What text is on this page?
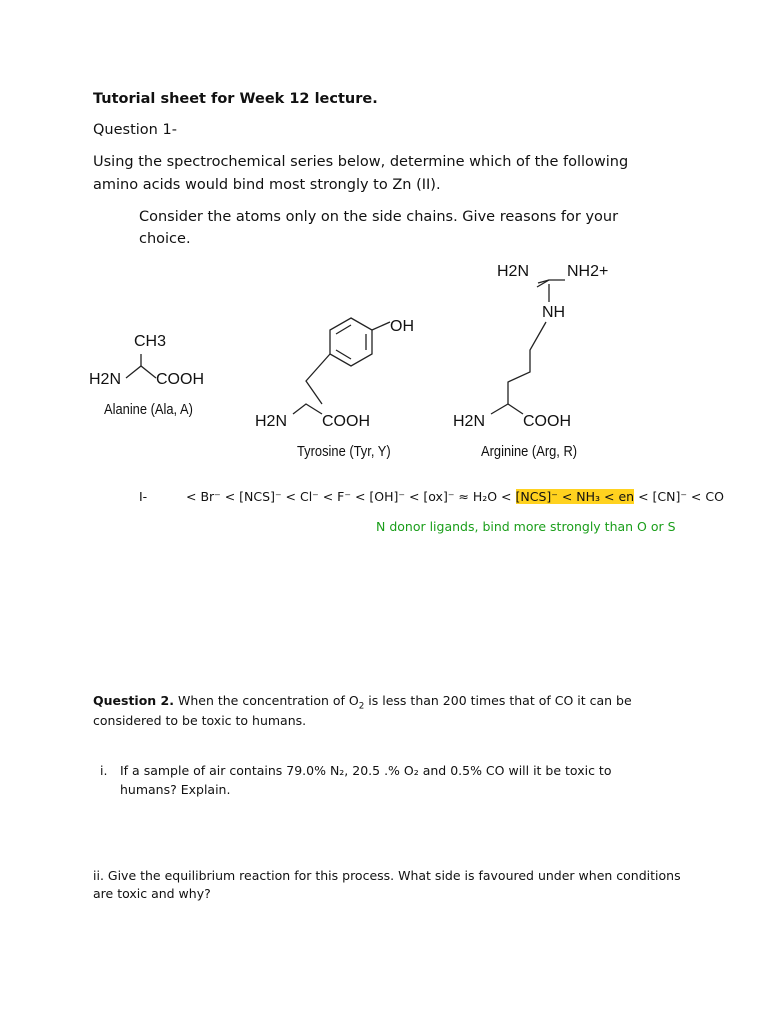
Tutorial sheet for Week 12 lecture.
Question 1-
Using the spectrochemical series below, determine which of the following
amino acids would bind most strongly to Zn (II).
Consider the atoms only on the side chains. Give reasons for your
choice.
CH3
H2N COOH
Alanine (Ala, A)
OH
H2N COOH
Tyrosine (Tyr, Y)
H2N NH2+
NH
H2N COOH
Arginine (Arg, R)
I-	< Br⁻ < [NCS]⁻ < Cl⁻ < F⁻ < [OH]⁻ < [ox]⁻ ≈ H₂O < [NCS]⁻ < NH₃ < en < [CN]⁻ < CO
N donor ligands, bind more strongly than O or S
Question 2. When the concentration of $O_2$ is less than 200 times that of CO it can be
considered to be toxic to humans.
i. If a sample of air contains 79.0% N₂, 20.5 .% O₂ and 0.5% CO will it be toxic to
humans? Explain.
ii. Give the equilibrium reaction for this process. What side is favoured under when conditions
are toxic and why?
